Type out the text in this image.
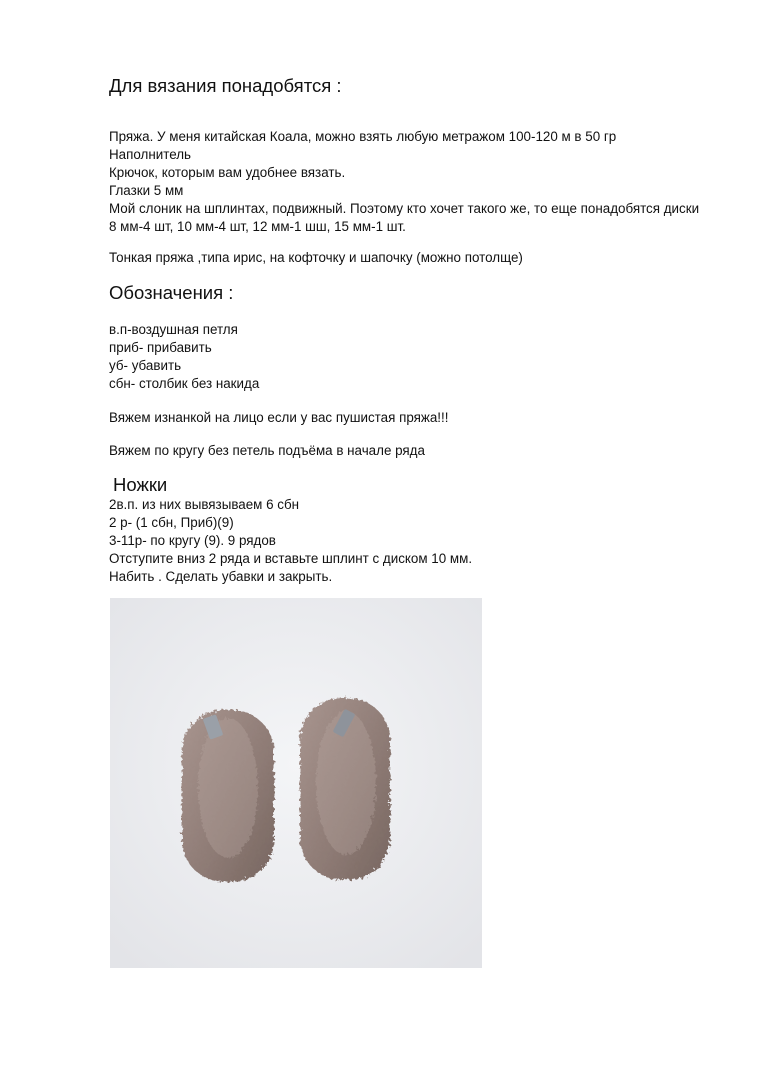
Для вязания понадобятся :
Пряжа. У меня китайская Коала, можно взять любую метражом 100-120 м в 50 гр
Наполнитель
Крючок, которым вам удобнее вязать.
Глазки 5 мм
Мой слоник на шплинтах, подвижный. Поэтому кто хочет такого же, то еще понадобятся диски
8 мм-4 шт, 10 мм-4 шт, 12 мм-1 шш, 15 мм-1 шт.
Тонкая пряжа ,типа ирис, на кофточку и шапочку (можно потолще)
Обозначения :
в.п-воздушная петля
приб- прибавить
уб- убавить
сбн- столбик без накида
Вяжем изнанкой на лицо если у вас пушистая пряжа!!!
Вяжем по кругу без петель подъёма в начале ряда
Ножки
2в.п. из них вывязываем 6 сбн
2 р- (1 сбн, Приб)(9)
3-11р- по кругу (9). 9 рядов
Отступите вниз 2 ряда и вставьте шплинт с диском 10 мм.
Набить . Сделать убавки и закрыть.
